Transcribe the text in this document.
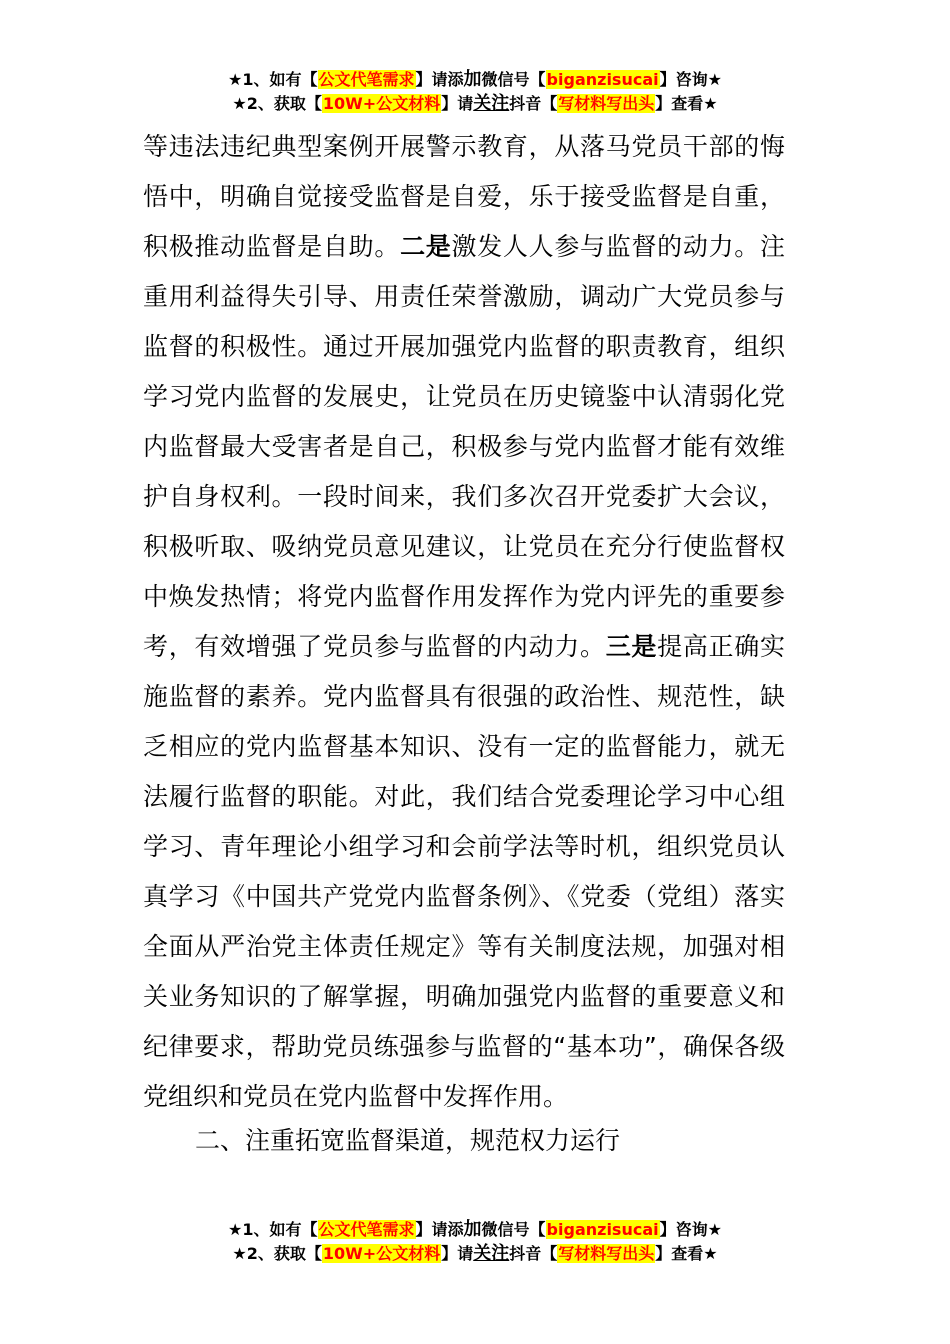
★1、如有【公文代笔需求】请添加微信号【biganzisucai】咨询★
★2、获取【10W+公文材料】请关注抖音【写材料写出头】查看★

等违法违纪典型案例开展警示教育，从落马党员干部的悔悟中，明确自觉接受监督是自爱，乐于接受监督是自重，积极推动监督是自助。二是激发人人参与监督的动力。注重用利益得失引导、用责任荣誉激励，调动广大党员参与监督的积极性。通过开展加强党内监督的职责教育，组织学习党内监督的发展史，让党员在历史镜鉴中认清弱化党内监督最大受害者是自己，积极参与党内监督才能有效维护自身权利。一段时间来，我们多次召开党委扩大会议，积极听取、吸纳党员意见建议，让党员在充分行使监督权中焕发热情；将党内监督作用发挥作为党内评先的重要参考，有效增强了党员参与监督的内动力。三是提高正确实施监督的素养。党内监督具有很强的政治性、规范性，缺乏相应的党内监督基本知识、没有一定的监督能力，就无法履行监督的职能。对此，我们结合党委理论学习中心组学习、青年理论小组学习和会前学法等时机，组织党员认真学习《中国共产党党内监督条例》、《党委（党组）落实全面从严治党主体责任规定》等有关制度法规，加强对相关业务知识的了解掌握，明确加强党内监督的重要意义和纪律要求，帮助党员练强参与监督的“基本功”，确保各级党组织和党员在党内监督中发挥作用。

二、注重拓宽监督渠道，规范权力运行
★1、如有【公文代笔需求】请添加微信号【biganzisucai】咨询★
★2、获取【10W+公文材料】请关注抖音【写材料写出头】查看★
